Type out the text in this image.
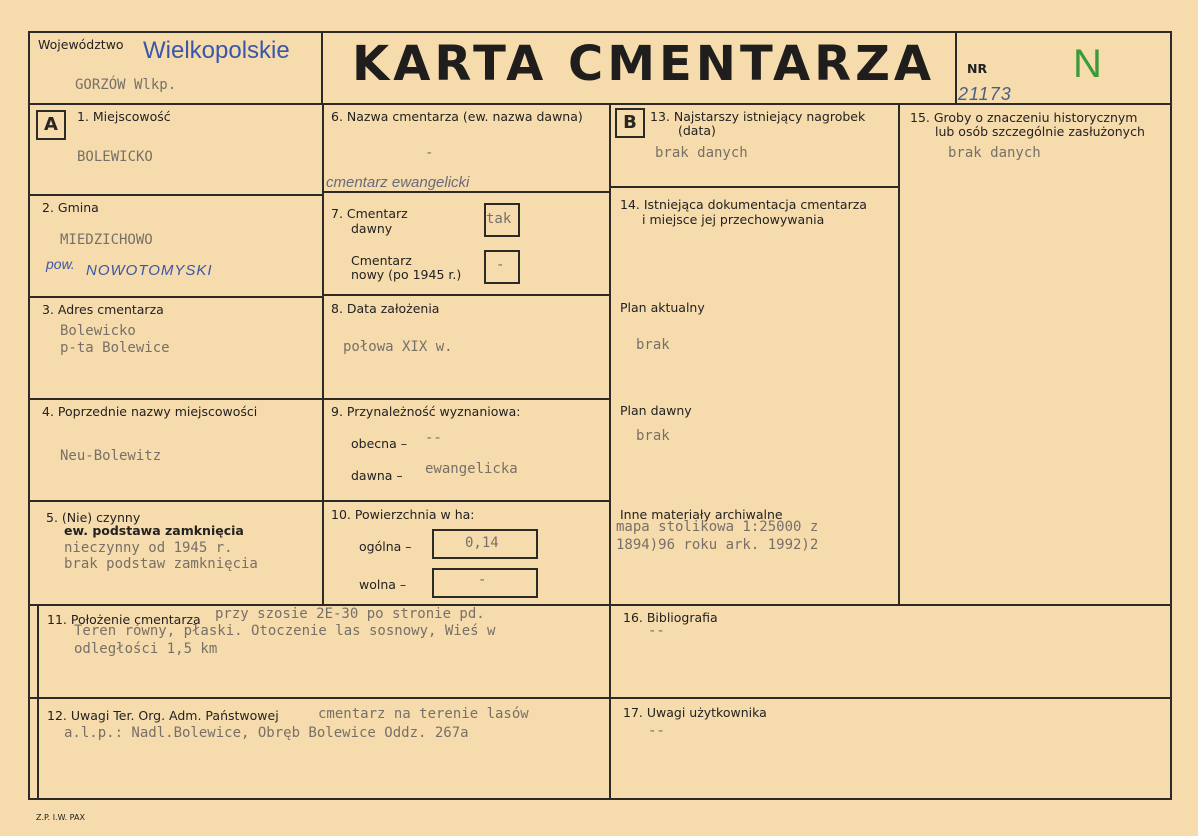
Województwo Wielkopolskie
GORZÓW Wlkp.	KARTA CMENTARZA	NR N
21173
A	1. Miejscowość
BOLEWICKO
2. Gmina
MIEDZICHOWO
pow. NOWOTOMYSKI
3. Adres cmentarza
Bolewicko
p-ta Bolewice
4. Poprzednie nazwy miejscowości
Neu-Bolewitz
5. (Nie) czynny
ew. podstawa zamknięcia
nieczynny od 1945 r.
brak podstaw zamknięcia
6. Nazwa cmentarza (ew. nazwa dawna)
-
cmentarz ewangelicki
7. Cmentarz
dawny
tak
Cmentarz
nowy (po 1945 r.)
-
8. Data założenia
połowa XIX w.
9. Przynależność wyznaniowa:
obecna – --
dawna – ewangelicka
10. Powierzchnia w ha:
ogólna –	0,14
wolna –	-
B	13. Najstarszy istniejący nagrobek
(data)
brak danych
14. Istniejąca dokumentacja cmentarza
i miejsce jej przechowywania
Plan aktualny
brak
Plan dawny
brak
Inne materiały archiwalne
mapa stolikowa 1:25000 z
1894)96 roku ark. 1992)2
15. Groby o znaczeniu historycznym
lub osób szczególnie zasłużonych
brak danych
11. Położenie cmentarza przy szosie 2E-30 po stronie pd.
Teren równy, płaski. Otoczenie las sosnowy, Wieś w
odległości 1,5 km
12. Uwagi Ter. Org. Adm. Państwowej	cmentarz na terenie lasów
a.l.p.: Nadl.Bolewice, Obręb Bolewice Oddz. 267a
16. Bibliografia
--
17. Uwagi użytkownika
--
Z.P. I.W. PAX
